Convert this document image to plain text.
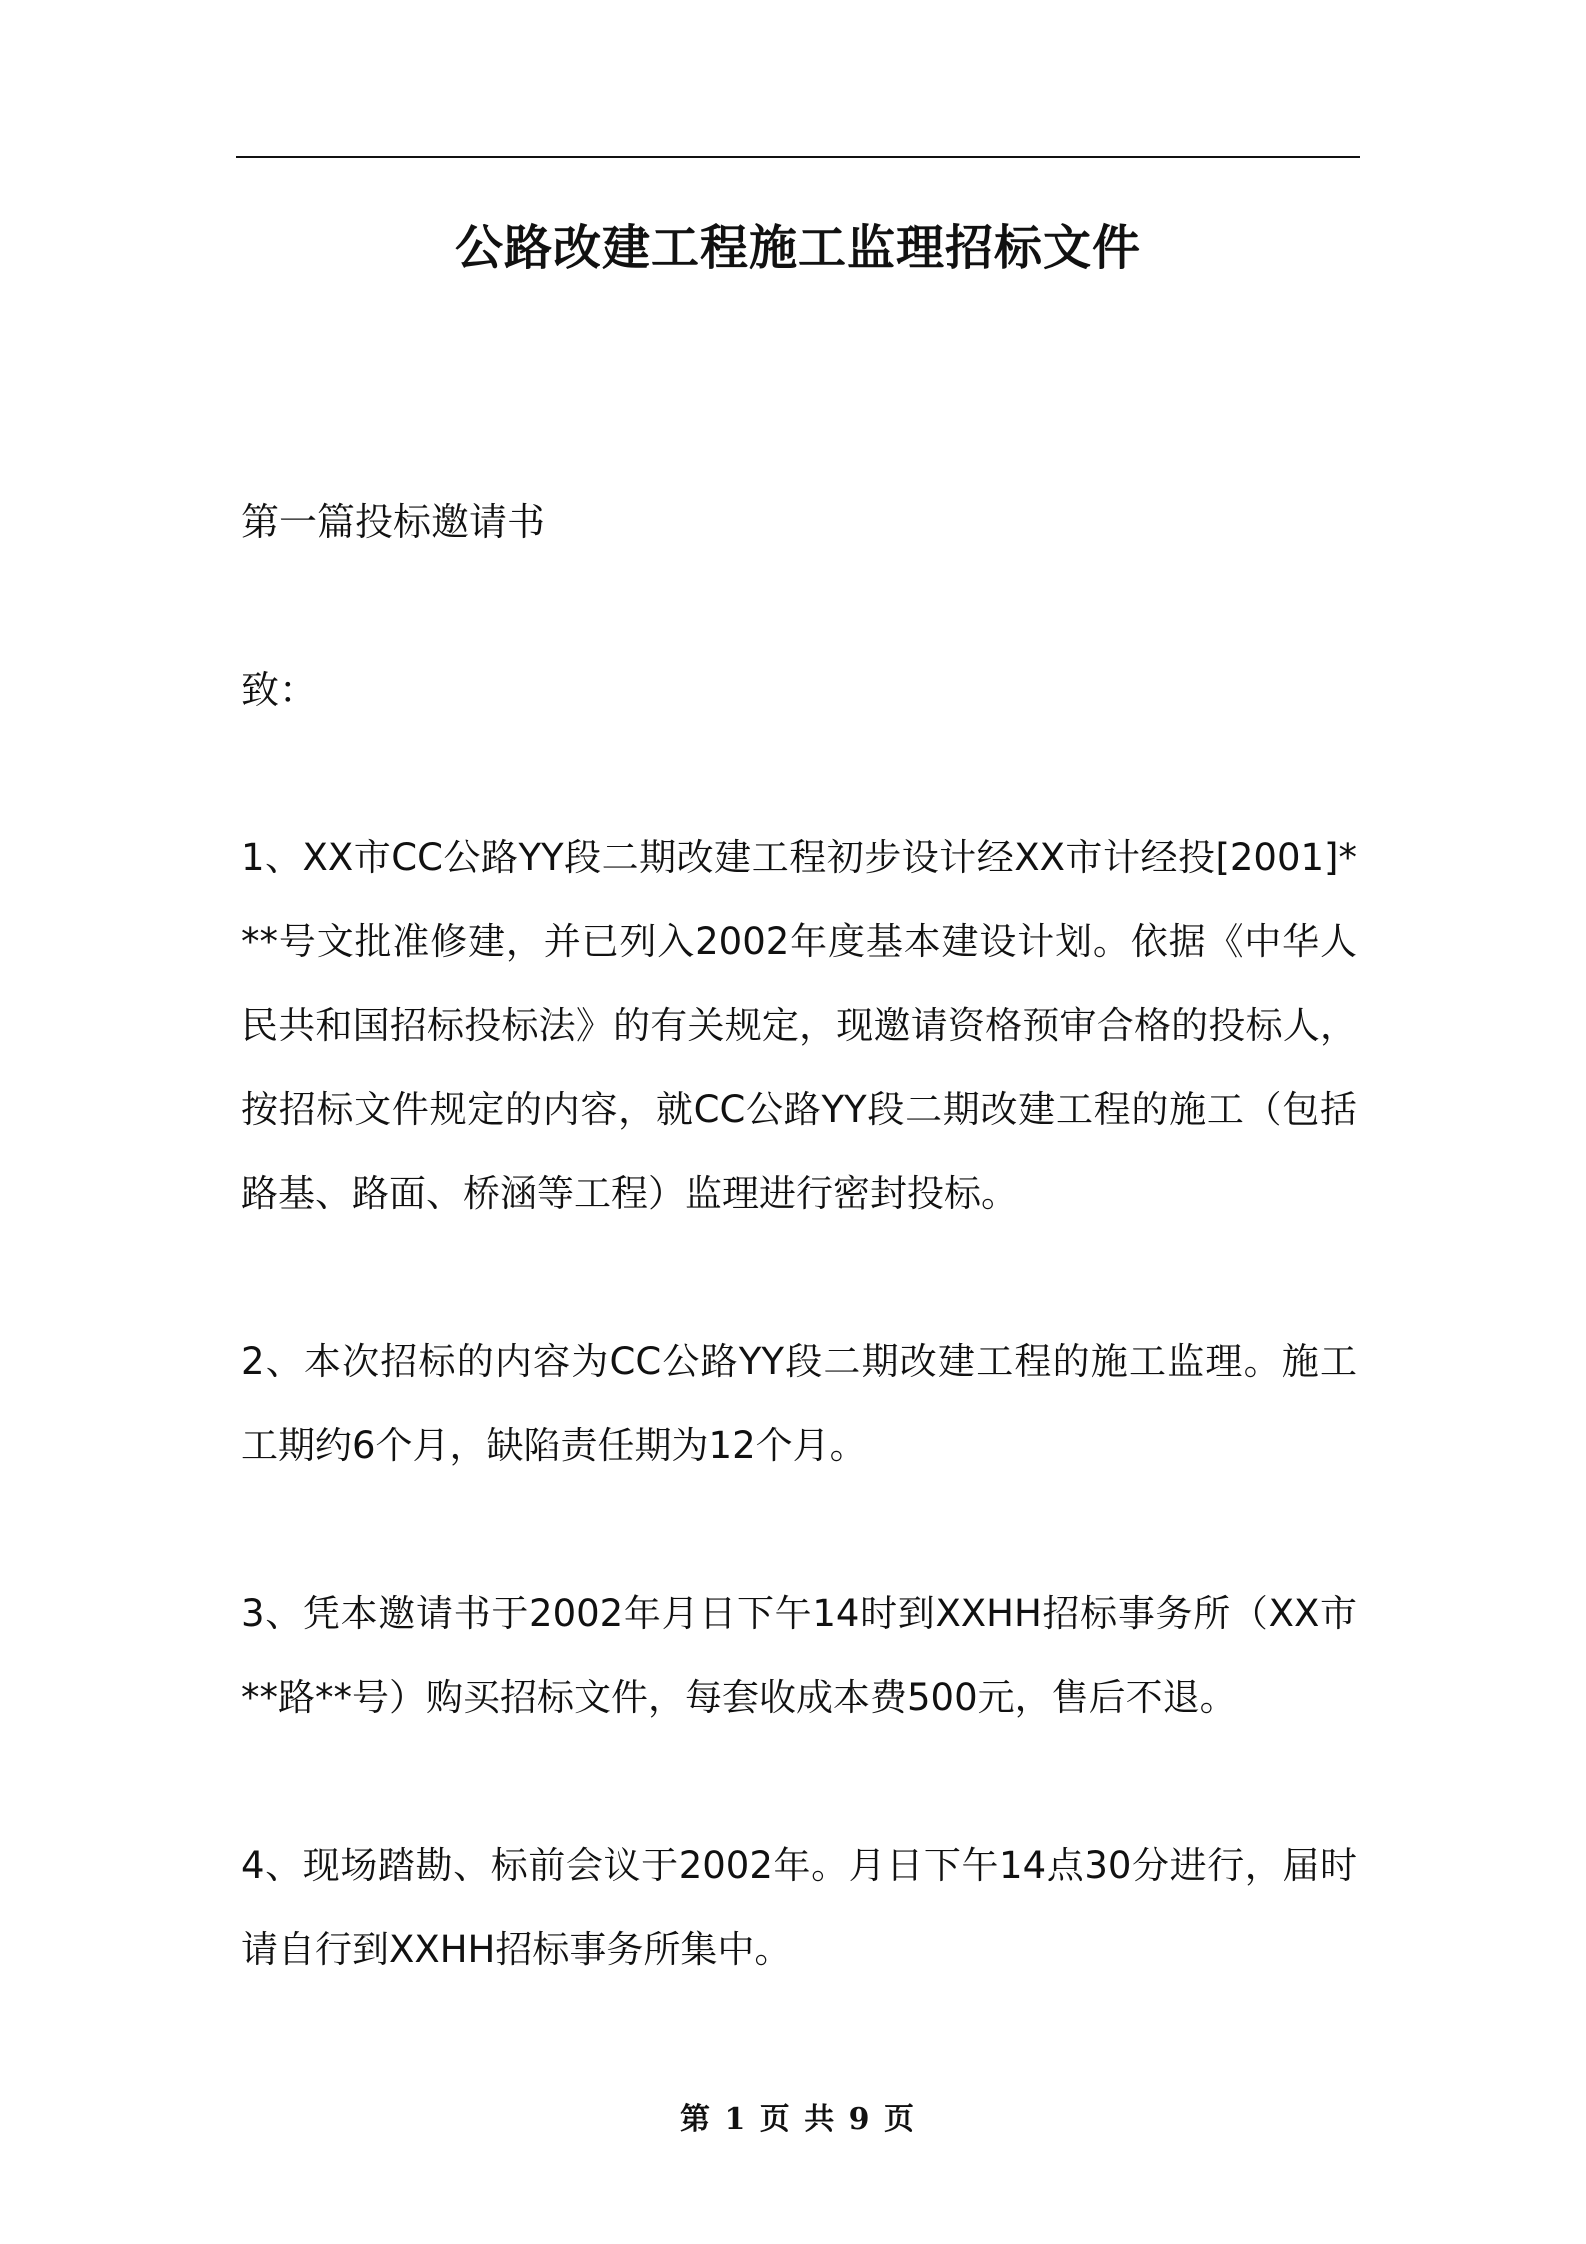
公路改建工程施工监理招标文件

第一篇投标邀请书

致：

1、XX市CC公路YY段二期改建工程初步设计经XX市计经投[2001]***号文批准修建，并已列入2002年度基本建设计划。依据《中华人民共和国招标投标法》的有关规定，现邀请资格预审合格的投标人，按招标文件规定的内容，就CC公路YY段二期改建工程的施工（包括路基、路面、桥涵等工程）监理进行密封投标。

2、本次招标的内容为CC公路YY段二期改建工程的施工监理。施工工期约6个月，缺陷责任期为12个月。

3、凭本邀请书于2002年月日下午14时到XXHH招标事务所（XX市**路**号）购买招标文件，每套收成本费500元，售后不退。

4、现场踏勘、标前会议于2002年。月日下午14点30分进行，届时请自行到XXHH招标事务所集中。

第 1 页 共 9 页
